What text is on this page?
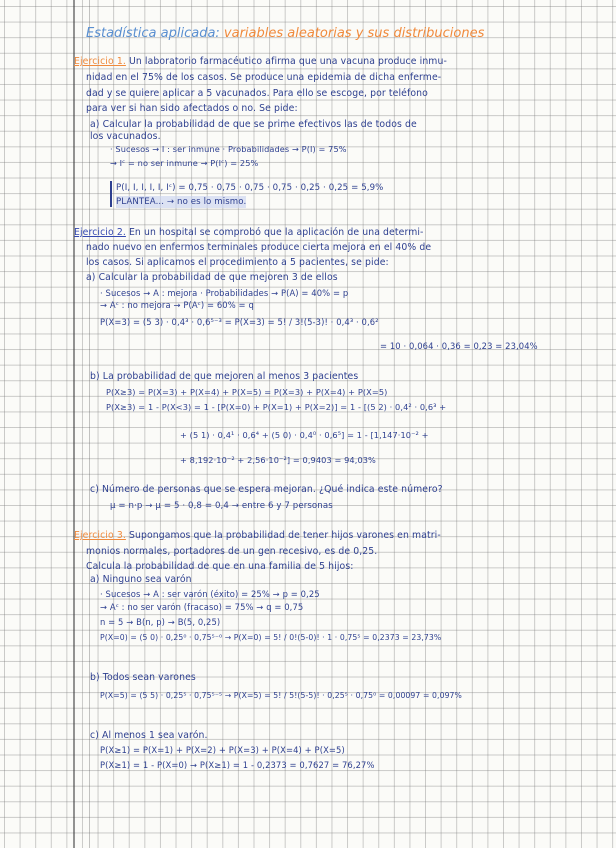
Estadística aplicada: variables aleatorias y sus distribuciones
Ejercicio 1. Un laboratorio farmacéutico afirma que una vacuna produce inmu-
nidad en el 75% de los casos. Se produce una epidemia de dicha enferme-
dad y se quiere aplicar a 5 vacunados. Para ello se escoge, por teléfono
para ver si han sido afectados o no. Se pide:
a) Calcular la probabilidad de que se prime efectivos las de todos de
los vacunados.
· Sucesos → I : ser inmune · Probabilidades → P(I) = 75%
→ Iᶜ = no ser inmune → P(Iᶜ) = 25%
P(I, I, I, I, I, Iᶜ) = 0,75 · 0,75 · 0,75 · 0,75 · 0,25 · 0,25 = 5,9%
PLANTEA... → no es lo mismo.
Ejercicio 2. En un hospital se comprobó que la aplicación de una determi-
nado nuevo en enfermos terminales produce cierta mejora en el 40% de
los casos. Si aplicamos el procedimiento a 5 pacientes, se pide:
a) Calcular la probabilidad de que mejoren 3 de ellos
· Sucesos → A : mejora · Probabilidades → P(A) = 40% = p
→ Aᶜ : no mejora → P(Aᶜ) = 60% = q
P(X=3) = (5 3) · 0,4³ · 0,6⁵⁻³ = P(X=3) = 5! / 3!(5-3)! · 0,4³ · 0,6²
= 10 · 0,064 · 0,36 = 0,23 = 23,04%
b) La probabilidad de que mejoren al menos 3 pacientes
P(X≥3) = P(X=3) + P(X=4) + P(X=5) = P(X=3) + P(X=4) + P(X=5)
P(X≥3) = 1 - P(X<3) = 1 - [P(X=0) + P(X=1) + P(X=2)] = 1 - [(5 2) · 0,4² · 0,6³ +
+ (5 1) · 0,4¹ · 0,6⁴ + (5 0) · 0,4⁰ · 0,6⁵] = 1 - [1,147·10⁻² +
+ 8,192·10⁻² + 2,56·10⁻²] = 0,9403 = 94,03%
c) Número de personas que se espera mejoran. ¿Qué indica este número?
μ = n·p → μ = 5 · 0,8 = 0,4 → entre 6 y 7 personas
Ejercicio 3. Supongamos que la probabilidad de tener hijos varones en matri-
monios normales, portadores de un gen recesivo, es de 0,25.
Calcula la probabilidad de que en una familia de 5 hijos:
a) Ninguno sea varón
· Sucesos → A : ser varón (éxito) = 25% → p = 0,25
→ Aᶜ : no ser varón (fracaso) = 75% → q = 0,75
n = 5 → B(n, p) → B(5, 0,25)
P(X=0) = (5 0) · 0,25⁰ · 0,75⁵⁻⁰ → P(X=0) = 5! / 0!(5-0)! · 1 · 0,75⁵ = 0,2373 = 23,73%
b) Todos sean varones
P(X=5) = (5 5) · 0,25⁵ · 0,75⁵⁻⁵ → P(X=5) = 5! / 5!(5-5)! · 0,25⁵ · 0,75⁰ = 0,00097 = 0,097%
c) Al menos 1 sea varón.
P(X≥1) = P(X=1) + P(X=2) + P(X=3) + P(X=4) + P(X=5)
P(X≥1) = 1 - P(X=0) → P(X≥1) = 1 - 0,2373 = 0,7627 = 76,27%
